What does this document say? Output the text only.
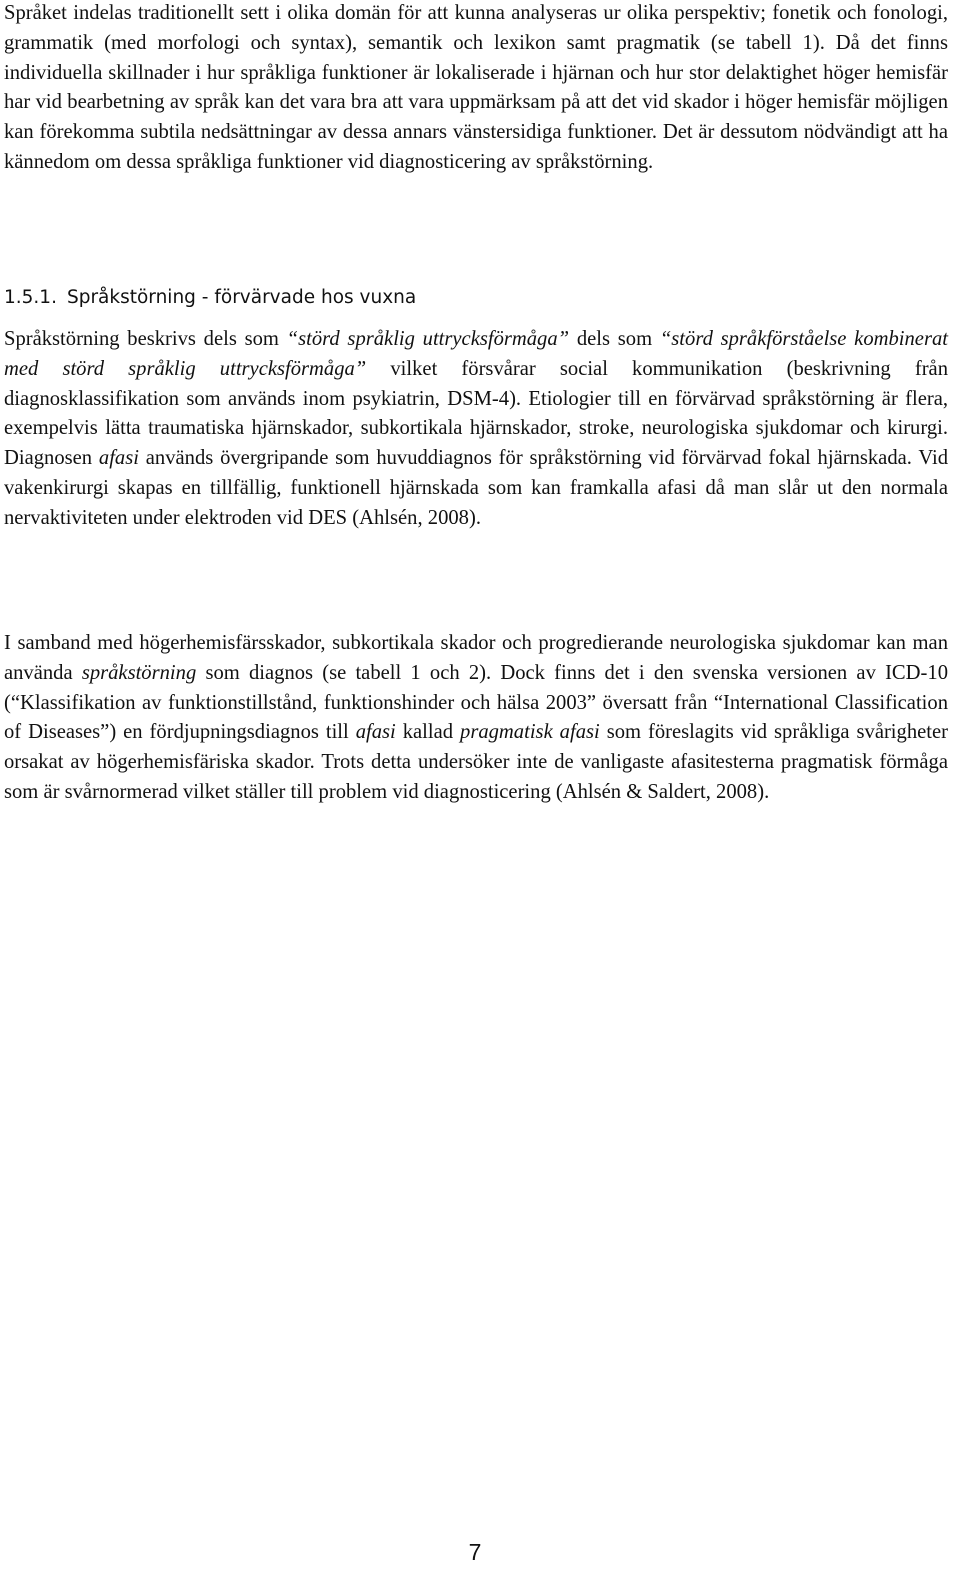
Språket indelas traditionellt sett i olika domän för att kunna analyseras ur olika perspektiv; fonetik och fonologi, grammatik (med morfologi och syntax), semantik och lexikon samt pragmatik (se tabell 1). Då det finns individuella skillnader i hur språkliga funktioner är lokaliserade i hjärnan och hur stor delaktighet höger hemisfär har vid bearbetning av språk kan det vara bra att vara uppmärksam på att det vid skador i höger hemisfär möjligen kan förekomma subtila nedsättningar av dessa annars vänstersidiga funktioner. Det är dessutom nödvändigt att ha kännedom om dessa språkliga funktioner vid diagnosticering av språkstörning.

1.5.1. Språkstörning - förvärvade hos vuxna

Språkstörning beskrivs dels som “störd språklig uttrycksförmåga” dels som “störd språkförståelse kombinerat med störd språklig uttrycksförmåga” vilket försvårar social kommunikation (beskrivning från diagnosklassifikation som används inom psykiatrin, DSM-4). Etiologier till en förvärvad språkstörning är flera, exempelvis lätta traumatiska hjärnskador, subkortikala hjärnskador, stroke, neurologiska sjukdomar och kirurgi. Diagnosen afasi används övergripande som huvuddiagnos för språkstörning vid förvärvad fokal hjärnskada. Vid vakenkirurgi skapas en tillfällig, funktionell hjärnskada som kan framkalla afasi då man slår ut den normala nervaktiviteten under elektroden vid DES (Ahlsén, 2008).

I samband med högerhemisfärsskador, subkortikala skador och progredierande neurologiska sjukdomar kan man använda språkstörning som diagnos (se tabell 1 och 2). Dock finns det i den svenska versionen av ICD-10 (“Klassifikation av funktionstillstånd, funktionshinder och hälsa 2003” översatt från “International Classification of Diseases”) en fördjupningsdiagnos till afasi kallad pragmatisk afasi som föreslagits vid språkliga svårigheter orsakat av högerhemisfäriska skador. Trots detta undersöker inte de vanligaste afasitesterna pragmatisk förmåga som är svårnormerad vilket ställer till problem vid diagnosticering (Ahlsén & Saldert, 2008).

7
